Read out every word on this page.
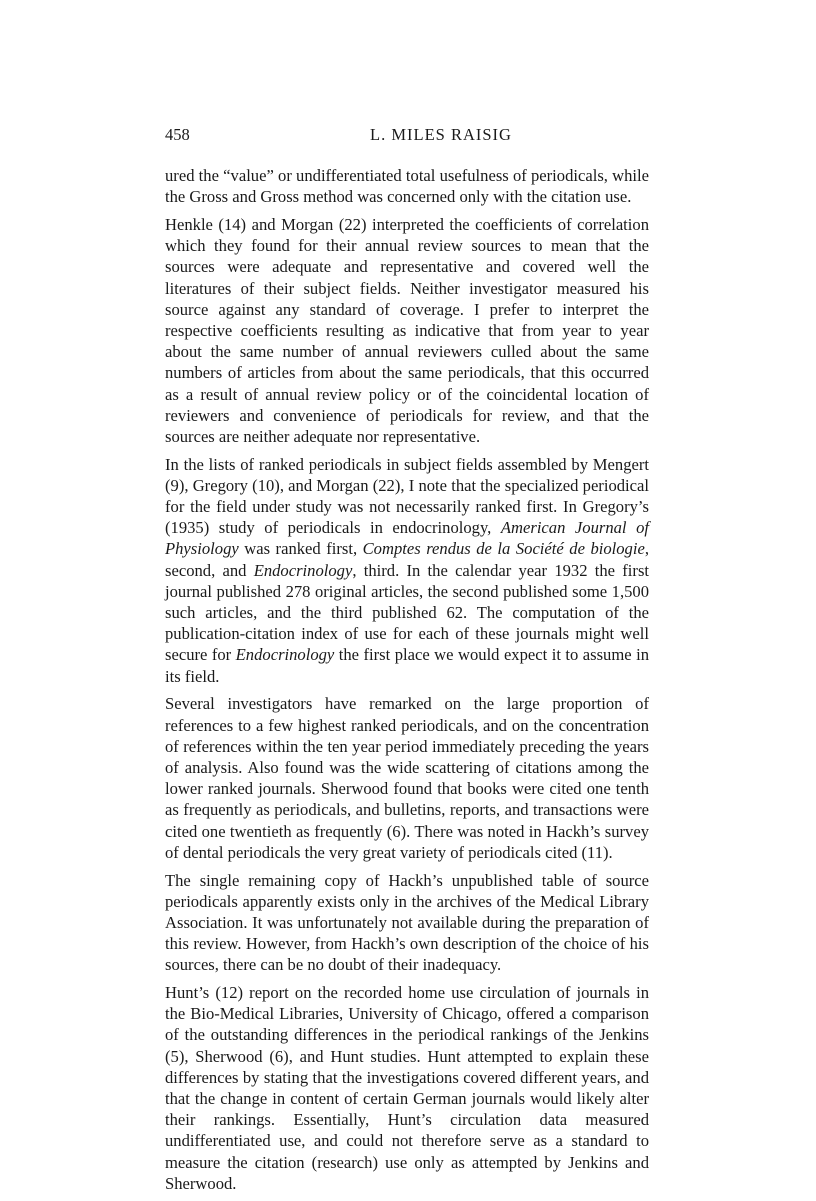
458	L. MILES RAISIG

ured the “value” or undifferentiated total usefulness of periodicals, while the Gross and Gross method was concerned only with the citation use.

Henkle (14) and Morgan (22) interpreted the coefficients of correlation which they found for their annual review sources to mean that the sources were adequate and representative and covered well the literatures of their subject fields. Neither investigator measured his source against any standard of coverage. I prefer to interpret the respective coefficients resulting as indicative that from year to year about the same number of annual reviewers culled about the same numbers of articles from about the same periodicals, that this occurred as a result of annual review policy or of the coincidental location of reviewers and convenience of periodicals for review, and that the sources are neither adequate nor representative.

In the lists of ranked periodicals in subject fields assembled by Mengert (9), Gregory (10), and Morgan (22), I note that the specialized periodical for the field under study was not necessarily ranked first. In Gregory’s (1935) study of periodicals in endocrinology, American Journal of Physiology was ranked first, Comptes rendus de la Société de biologie, second, and Endocrinology, third. In the calendar year 1932 the first journal published 278 original articles, the second published some 1,500 such articles, and the third published 62. The computation of the publication-citation index of use for each of these journals might well secure for Endocrinology the first place we would expect it to assume in its field.

Several investigators have remarked on the large proportion of references to a few highest ranked periodicals, and on the concentration of references within the ten year period immediately preceding the years of analysis. Also found was the wide scattering of citations among the lower ranked journals. Sherwood found that books were cited one tenth as frequently as periodicals, and bulletins, reports, and transactions were cited one twentieth as frequently (6). There was noted in Hackh’s survey of dental periodicals the very great variety of periodicals cited (11).

The single remaining copy of Hackh’s unpublished table of source periodicals apparently exists only in the archives of the Medical Library Association. It was unfortunately not available during the preparation of this review. However, from Hackh’s own description of the choice of his sources, there can be no doubt of their inadequacy.

Hunt’s (12) report on the recorded home use circulation of journals in the Bio-Medical Libraries, University of Chicago, offered a comparison of the outstanding differences in the periodical rankings of the Jenkins (5), Sherwood (6), and Hunt studies. Hunt attempted to explain these differences by stating that the investigations covered different years, and that the change in content of certain German journals would likely alter their rankings. Essentially, Hunt’s circulation data measured undifferentiated use, and could not therefore serve as a standard to measure the citation (research) use only as attempted by Jenkins and Sherwood.
